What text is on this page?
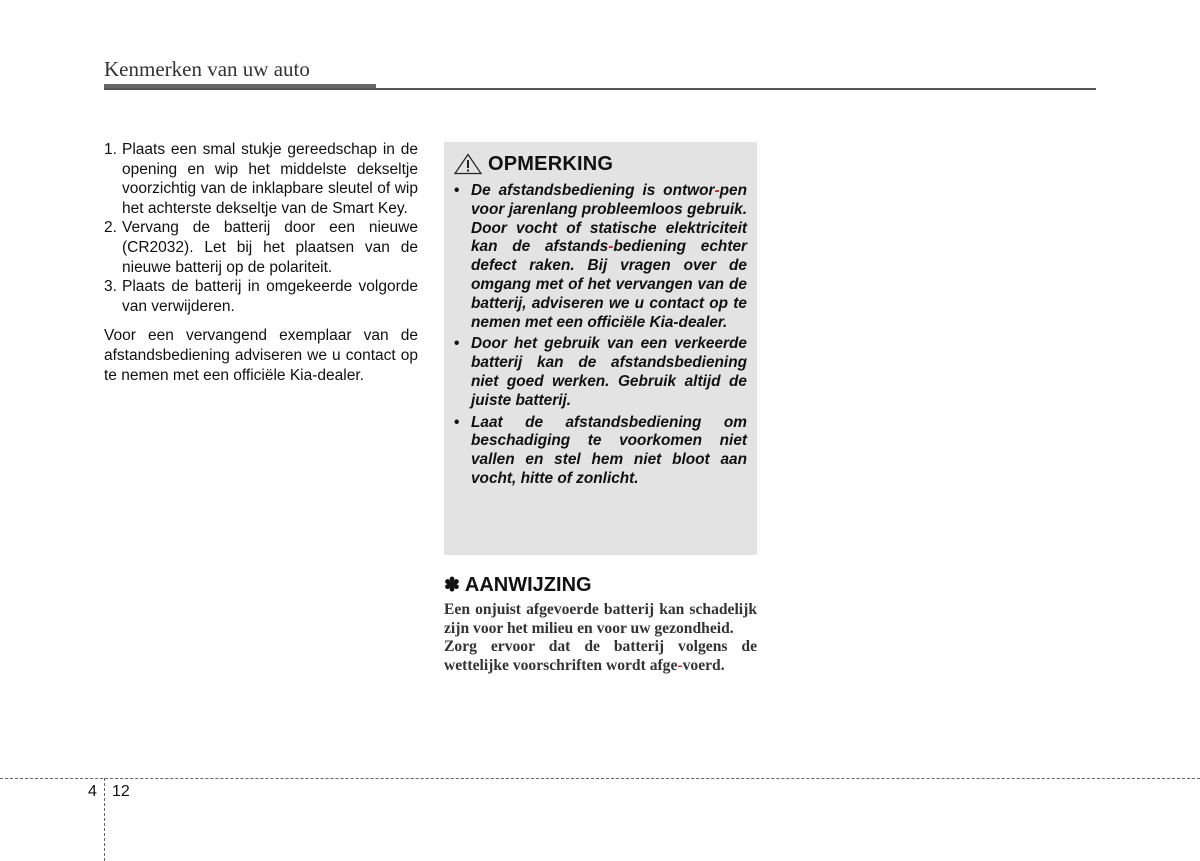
Kenmerken van uw auto
1. Plaats een smal stukje gereedschap in de opening en wip het middelste dekseltje voorzichtig van de inklapbare sleutel of wip het achterste dekseltje van de Smart Key.
2. Vervang de batterij door een nieuwe (CR2032). Let bij het plaatsen van de nieuwe batterij op de polariteit.
3. Plaats de batterij in omgekeerde volgorde van verwijderen.

Voor een vervangend exemplaar van de afstandsbediening adviseren we u contact op te nemen met een officiële Kia-dealer.

OPMERKING
• De afstandsbediening is ontwor-pen voor jarenlang probleemloos gebruik. Door vocht of statische elektriciteit kan de afstands-bediening echter defect raken. Bij vragen over de omgang met of het vervangen van de batterij, adviseren we u contact op te nemen met een officiële Kia-dealer.
• Door het gebruik van een verkeerde batterij kan de afstandsbediening niet goed werken. Gebruik altijd de juiste batterij.
• Laat de afstandsbediening om beschadiging te voorkomen niet vallen en stel hem niet bloot aan vocht, hitte of zonlicht.
✽ AANWIJZING

Een onjuist afgevoerde batterij kan schadelijk zijn voor het milieu en voor uw gezondheid.

Zorg ervoor dat de batterij volgens de wettelijke voorschriften wordt afge-voerd.

4 12
